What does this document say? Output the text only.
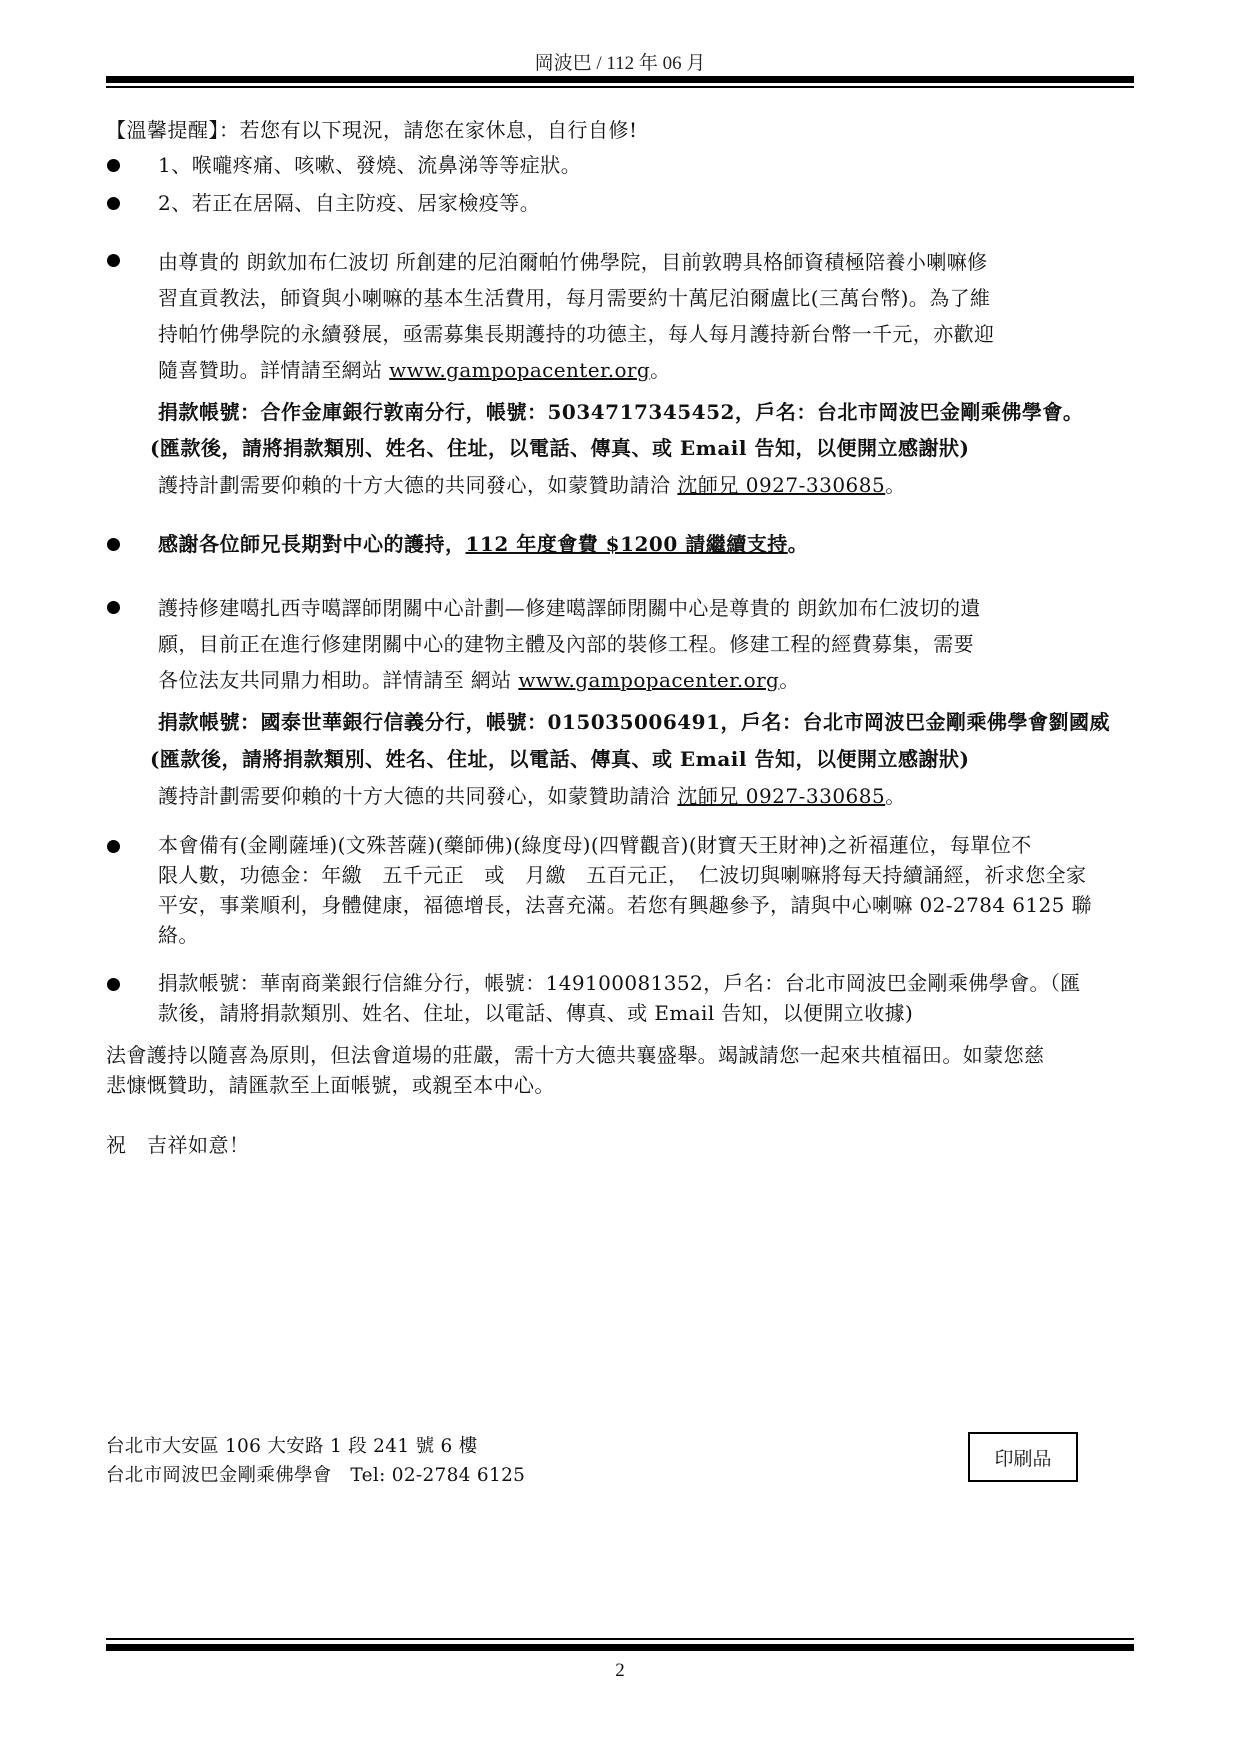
岡波巴 / 112 年 06 月
【溫馨提醒】：若您有以下現況，請您在家休息，自行自修!
1、喉嚨疼痛、咳嗽、發燒、流鼻涕等等症狀。
2、若正在居隔、自主防疫、居家檢疫等。
由尊貴的 朗欽加布仁波切 所創建的尼泊爾帕竹佛學院，目前敦聘具格師資積極陪養小喇嘛修
習直貢教法，師資與小喇嘛的基本生活費用，每月需要約十萬尼泊爾盧比(三萬台幣)。為了維
持帕竹佛學院的永續發展，亟需募集長期護持的功德主，每人每月護持新台幣一千元，亦歡迎
隨喜贊助。詳情請至網站 www.gampopacenter.org。
捐款帳號：合作金庫銀行敦南分行，帳號：5034717345452，戶名：台北市岡波巴金剛乘佛學會。
(匯款後，請將捐款類別、姓名、住址，以電話、傳真、或 Email 告知，以便開立感謝狀)
護持計劃需要仰賴的十方大德的共同發心，如蒙贊助請洽 沈師兄 0927-330685。
感謝各位師兄長期對中心的護持，112 年度會費 $1200 請繼續支持。
護持修建噶扎西寺噶譯師閉關中心計劃—修建噶譯師閉關中心是尊貴的 朗欽加布仁波切的遺
願，目前正在進行修建閉關中心的建物主體及內部的裝修工程。修建工程的經費募集，需要
各位法友共同鼎力相助。詳情請至 網站 www.gampopacenter.org。
捐款帳號：國泰世華銀行信義分行，帳號：015035006491，戶名：台北市岡波巴金剛乘佛學會劉國威
(匯款後，請將捐款類別、姓名、住址，以電話、傳真、或 Email 告知，以便開立感謝狀)
護持計劃需要仰賴的十方大德的共同發心，如蒙贊助請洽 沈師兄 0927-330685。
本會備有(金剛薩埵)(文殊菩薩)(藥師佛)(綠度母)(四臂觀音)(財寶天王財神)之祈福蓮位，每單位不
限人數，功德金：年繳　五千元正　或　月繳　五百元正，　仁波切與喇嘛將每天持續誦經，祈求您全家
平安，事業順利，身體健康，福德增長，法喜充滿。若您有興趣參予，請與中心喇嘛 02-2784 6125 聯
絡。
捐款帳號：華南商業銀行信維分行，帳號：149100081352，戶名：台北市岡波巴金剛乘佛學會。（匯
款後，請將捐款類別、姓名、住址，以電話、傳真、或 Email 告知，以便開立收據)
法會護持以隨喜為原則，但法會道場的莊嚴，需十方大德共襄盛舉。竭誠請您一起來共植福田。如蒙您慈
悲慷慨贊助，請匯款至上面帳號，或親至本中心。
祝　吉祥如意！
台北市大安區 106 大安路 1 段 241 號 6 樓
台北市岡波巴金剛乘佛學會　Tel: 02-2784 6125
印刷品
2
